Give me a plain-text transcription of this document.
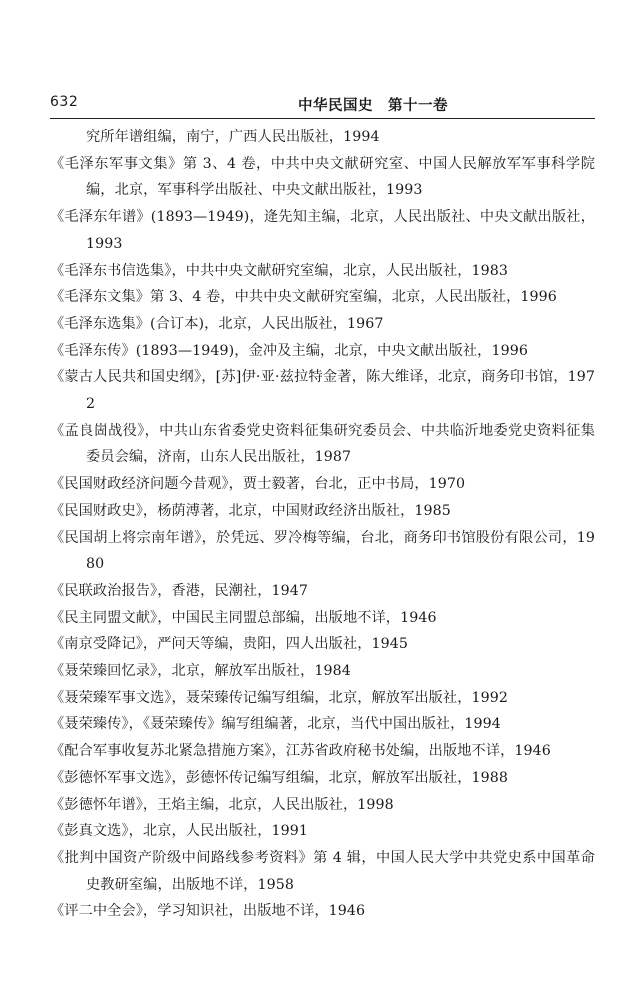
632	中华民国史　第十一卷
究所年谱组编，南宁，广西人民出版社，1994
《毛泽东军事文集》第 3、4 卷，中共中央文献研究室、中国人民解放军军事科学院编，北京，军事科学出版社、中央文献出版社，1993
《毛泽东年谱》(1893—1949)，逄先知主编，北京，人民出版社、中央文献出版社，1993
《毛泽东书信选集》，中共中央文献研究室编，北京，人民出版社，1983
《毛泽东文集》第 3、4 卷，中共中央文献研究室编，北京，人民出版社，1996
《毛泽东选集》(合订本)，北京，人民出版社，1967
《毛泽东传》(1893—1949)，金冲及主编，北京，中央文献出版社，1996
《蒙古人民共和国史纲》，[苏]伊·亚·兹拉特金著，陈大维译，北京，商务印书馆，1972
《孟良崮战役》，中共山东省委党史资料征集研究委员会、中共临沂地委党史资料征集委员会编，济南，山东人民出版社，1987
《民国财政经济问题今昔观》，贾士毅著，台北，正中书局，1970
《民国财政史》，杨荫溥著，北京，中国财政经济出版社，1985
《民国胡上将宗南年谱》，於凭远、罗冷梅等编，台北，商务印书馆股份有限公司，1980
《民联政治报告》，香港，民潮社，1947
《民主同盟文献》，中国民主同盟总部编，出版地不详，1946
《南京受降记》，严问天等编，贵阳，四人出版社，1945
《聂荣臻回忆录》，北京，解放军出版社，1984
《聂荣臻军事文选》，聂荣臻传记编写组编，北京，解放军出版社，1992
《聂荣臻传》，《聂荣臻传》编写组编著，北京，当代中国出版社，1994
《配合军事收复苏北紧急措施方案》，江苏省政府秘书处编，出版地不详，1946
《彭德怀军事文选》，彭德怀传记编写组编，北京，解放军出版社，1988
《彭德怀年谱》，王焰主编，北京，人民出版社，1998
《彭真文选》，北京，人民出版社，1991
《批判中国资产阶级中间路线参考资料》第 4 辑，中国人民大学中共党史系中国革命史教研室编，出版地不详，1958
《评二中全会》，学习知识社，出版地不详，1946
